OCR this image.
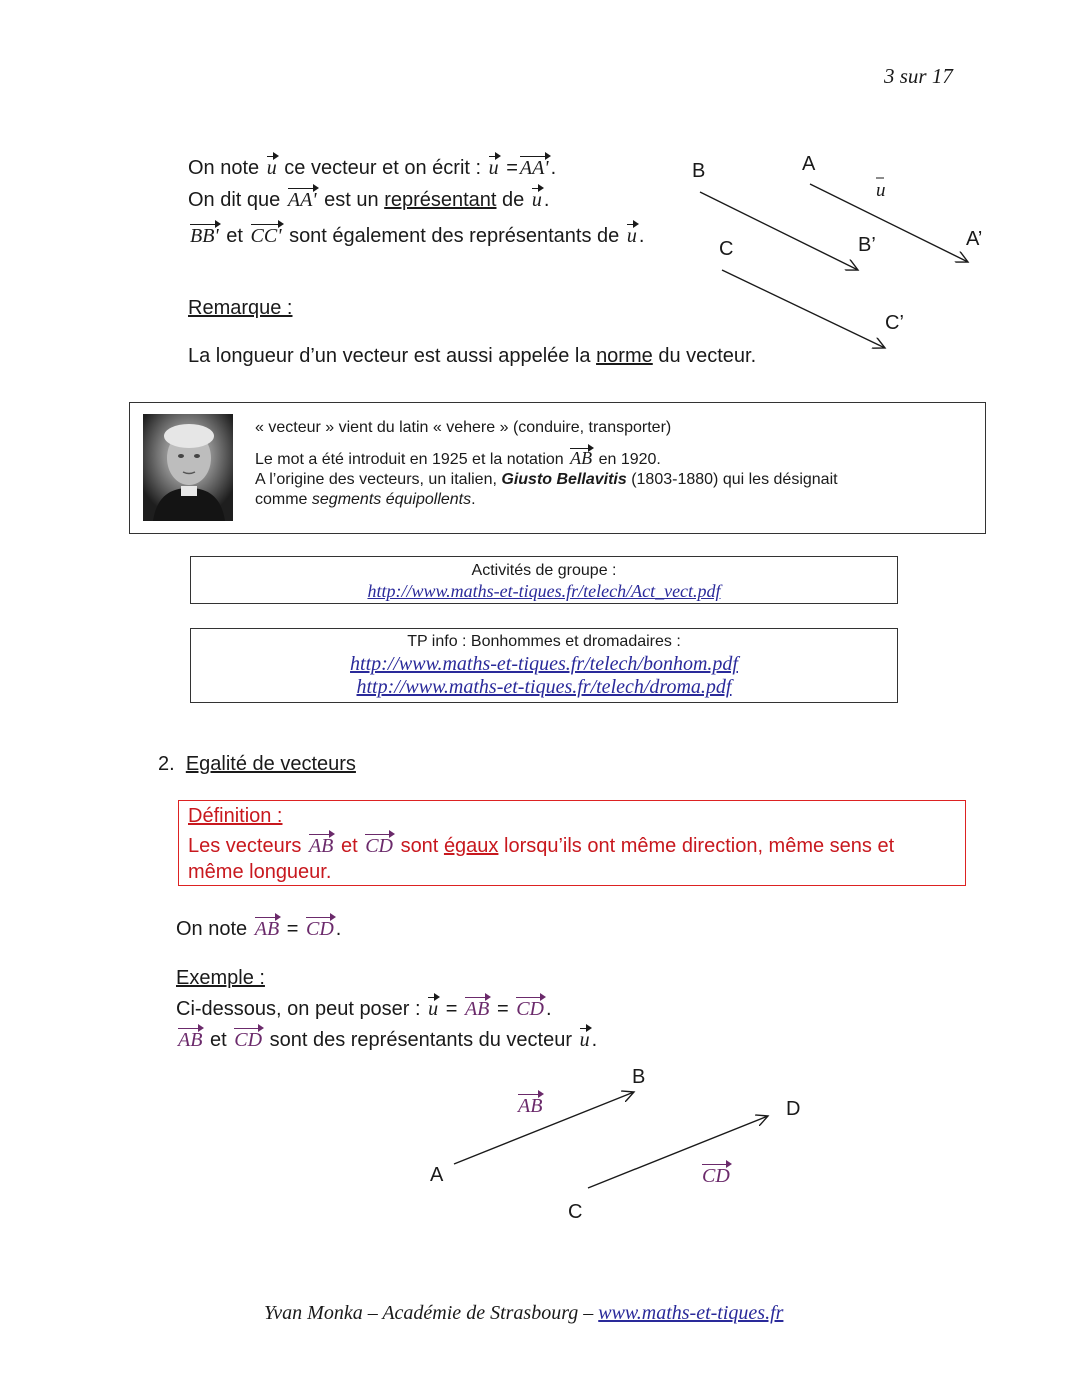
3 sur 17
On note u ce vecteur et on écrit : u = AA' .
On dit que AA' est un représentant de u .
BB' et CC' sont également des représentants de u .
B	A
C	B’	A’
C’
u
Remarque :
La longueur d’un vecteur est aussi appelée la norme du vecteur.
« vecteur » vient du latin « vehere » (conduire, transporter)
Le mot a été introduit en 1925 et la notation AB en 1920.
A l’origine des vecteurs, un italien, Giusto Bellavitis (1803-1880) qui les désignait
comme segments équipollents.
Activités de groupe :
http://www.maths-et-tiques.fr/telech/Act_vect.pdf
TP info : Bonhommes et dromadaires :
http://www.maths-et-tiques.fr/telech/bonhom.pdf
http://www.maths-et-tiques.fr/telech/droma.pdf
2. Egalité de vecteurs
Définition :
Les vecteurs AB et CD sont égaux lorsqu’ils ont même direction, même sens et
même longueur.
On note AB = CD .
Exemple :
Ci-dessous, on peut poser : u = AB = CD .
AB et CD sont des représentants du vecteur u .
A
B
C
D
AB
CD
Yvan Monka – Académie de Strasbourg – www.maths-et-tiques.fr
